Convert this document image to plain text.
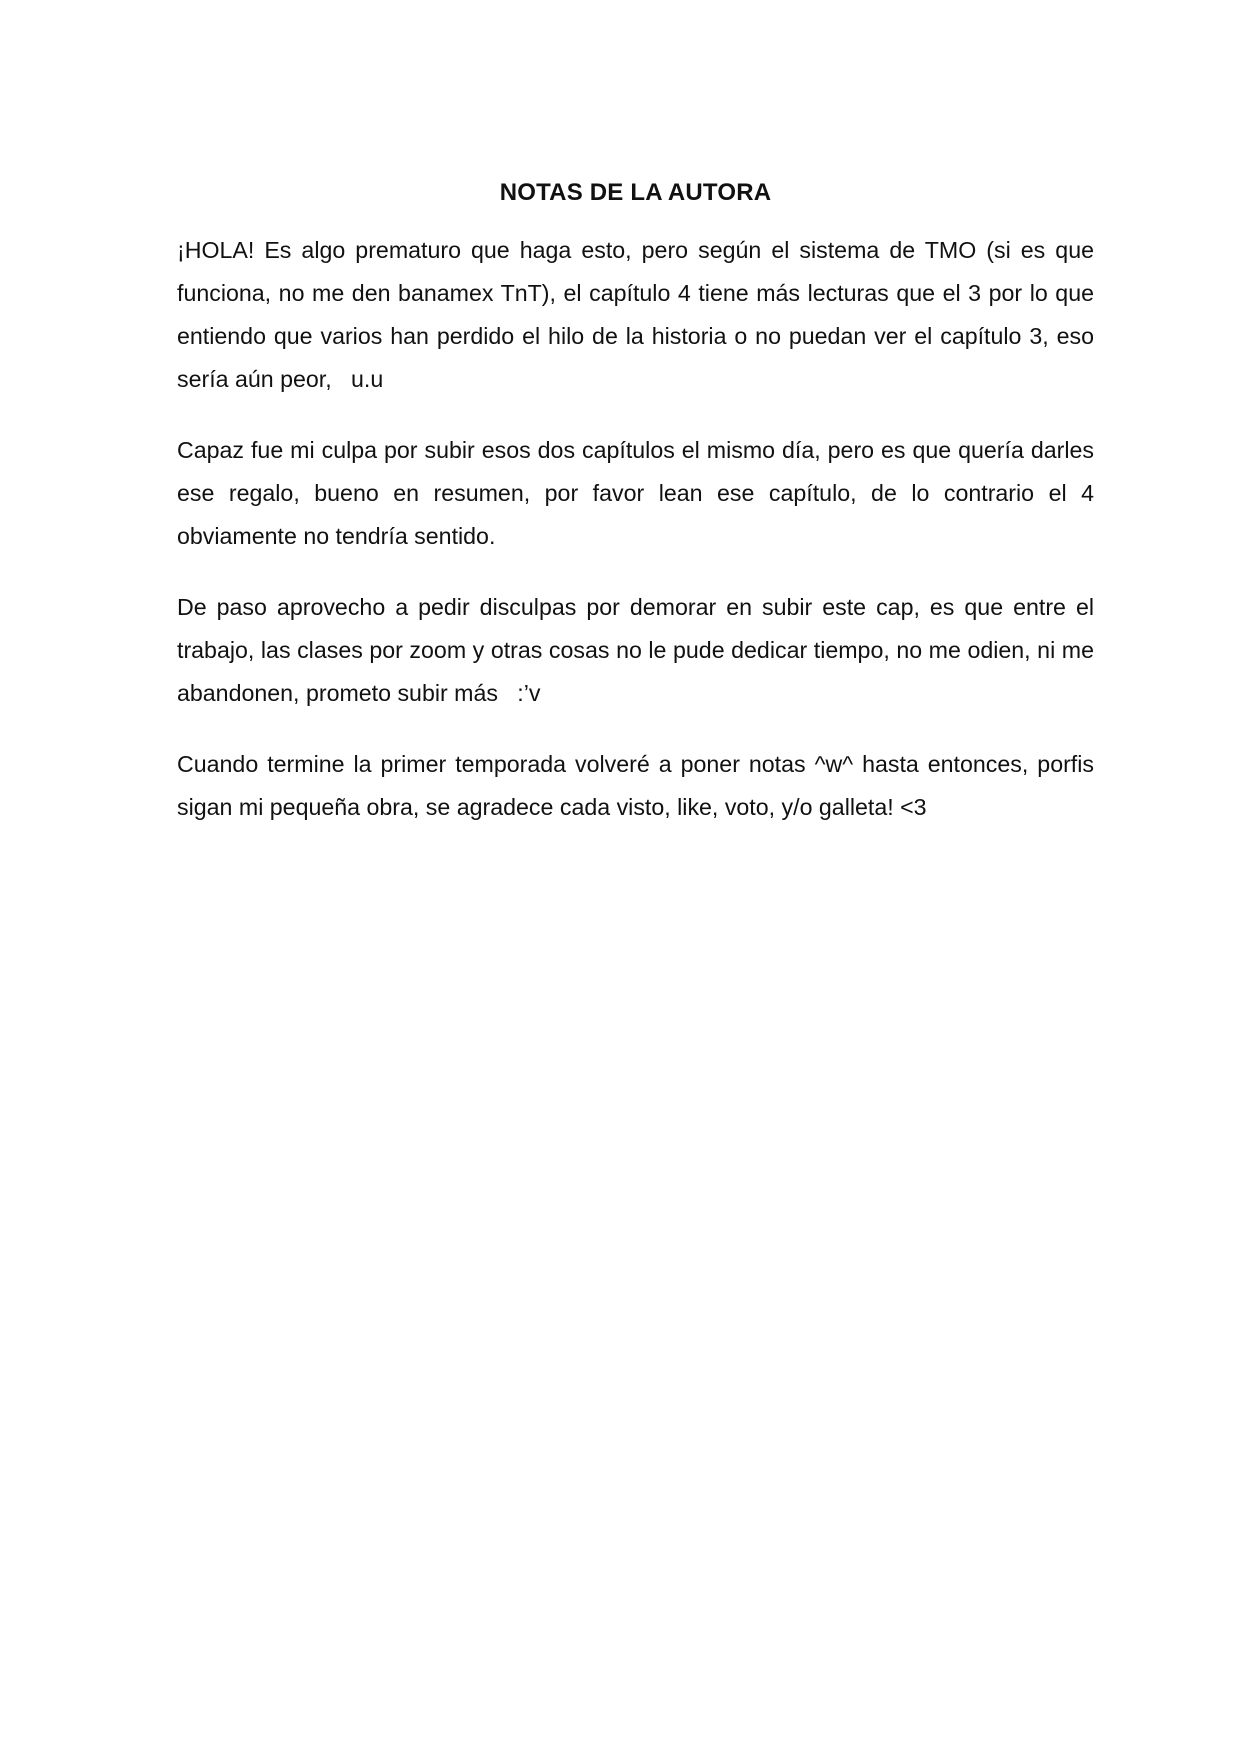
NOTAS DE LA AUTORA

¡HOLA! Es algo prematuro que haga esto, pero según el sistema de TMO (si es que funciona, no me den banamex TnT), el capítulo 4 tiene más lecturas que el 3 por lo que entiendo que varios han perdido el hilo de la historia o no puedan ver el capítulo 3, eso sería aún peor,   u.u

Capaz fue mi culpa por subir esos dos capítulos el mismo día, pero es que quería darles ese regalo, bueno en resumen, por favor lean ese capítulo, de lo contrario el 4 obviamente no tendría sentido.

De paso aprovecho a pedir disculpas por demorar en subir este cap, es que entre el trabajo, las clases por zoom y otras cosas no le pude dedicar tiempo, no me odien, ni me abandonen, prometo subir más   :’v

Cuando termine la primer temporada volveré a poner notas ^w^ hasta entonces, porfis sigan mi pequeña obra, se agradece cada visto, like, voto, y/o galleta! <3
